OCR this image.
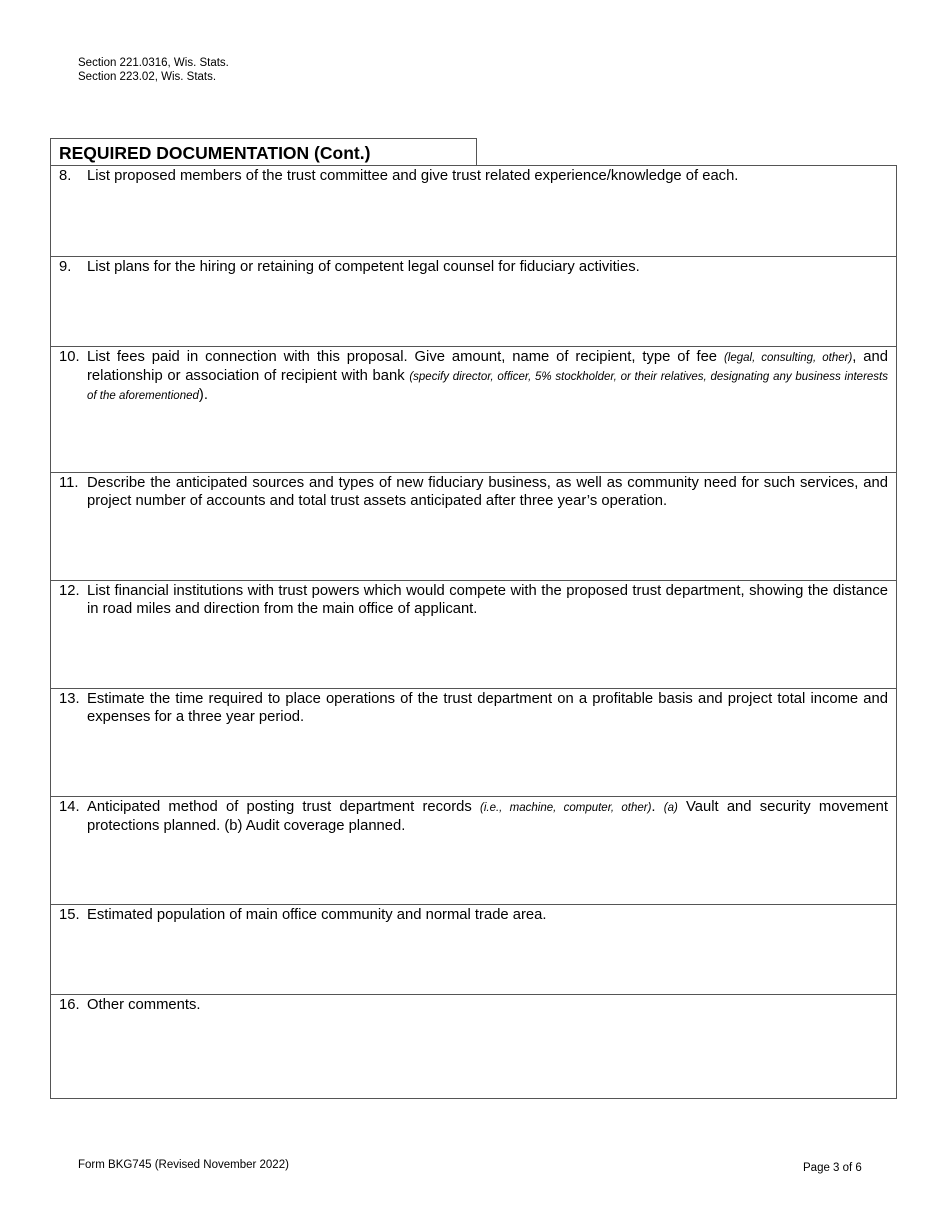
Section 221.0316, Wis. Stats.
Section 223.02, Wis. Stats.
REQUIRED DOCUMENTATION (Cont.)
8. List proposed members of the trust committee and give trust related experience/knowledge of each.
9. List plans for the hiring or retaining of competent legal counsel for fiduciary activities.
10. List fees paid in connection with this proposal. Give amount, name of recipient, type of fee (legal, consulting, other), and relationship or association of recipient with bank (specify director, officer, 5% stockholder, or their relatives, designating any business interests of the aforementioned).
11. Describe the anticipated sources and types of new fiduciary business, as well as community need for such services, and project number of accounts and total trust assets anticipated after three year’s operation.
12. List financial institutions with trust powers which would compete with the proposed trust department, showing the distance in road miles and direction from the main office of applicant.
13. Estimate the time required to place operations of the trust department on a profitable basis and project total income and expenses for a three year period.
14. Anticipated method of posting trust department records (i.e., machine, computer, other). (a) Vault and security movement protections planned. (b) Audit coverage planned.
15. Estimated population of main office community and normal trade area.
16. Other comments.
Form BKG745 (Revised November 2022)	Page 3 of 6
